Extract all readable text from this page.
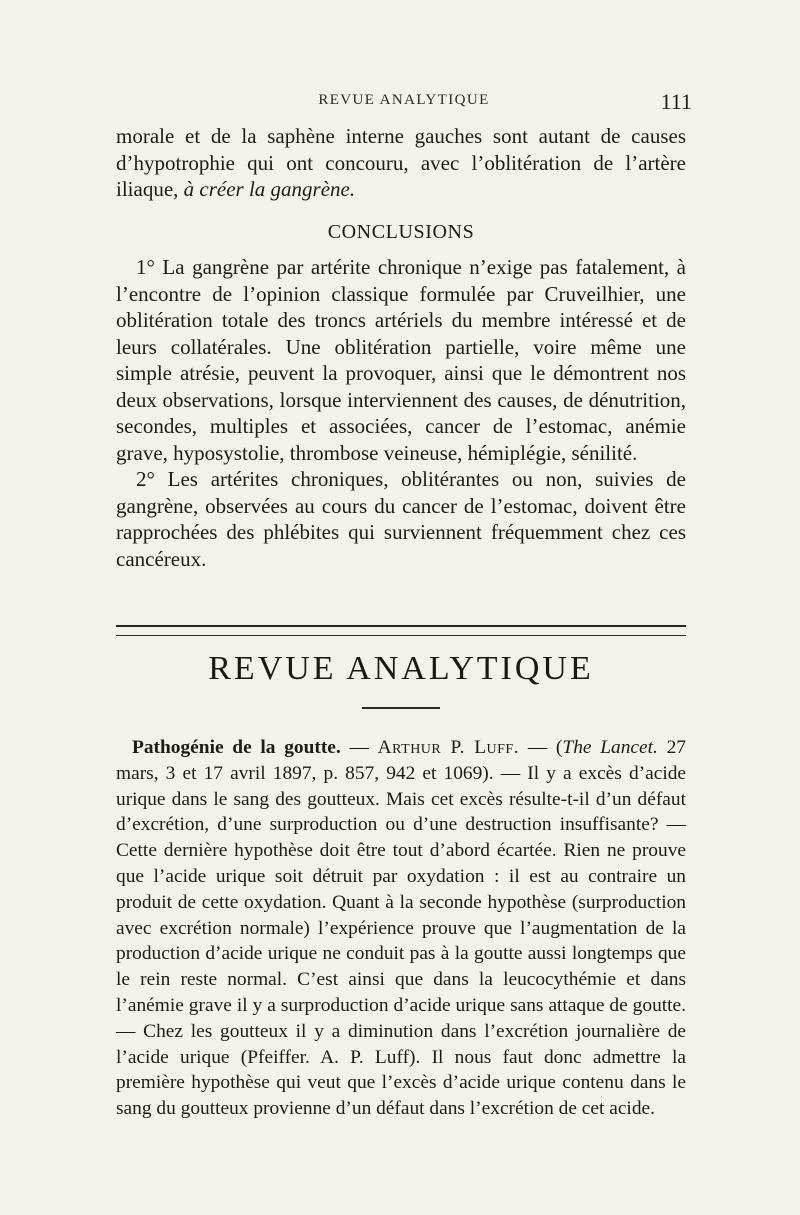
REVUE ANALYTIQUE	111

morale et de la saphène interne gauches sont autant de causes d’hypotrophie qui ont concouru, avec l’oblitération de l’artère iliaque, à créer la gangrène.

CONCLUSIONS

1° La gangrène par artérite chronique n’exige pas fatalement, à l’encontre de l’opinion classique formulée par Cruveilhier, une oblitération totale des troncs artériels du membre intéressé et de leurs collatérales. Une oblitération partielle, voire même une simple atrésie, peuvent la provoquer, ainsi que le démontrent nos deux observations, lorsque interviennent des causes, de dénutrition, secondes, multiples et associées, cancer de l’estomac, anémie grave, hyposystolie, thrombose veineuse, hémiplégie, sénilité.

2° Les artérites chroniques, oblitérantes ou non, suivies de gangrène, observées au cours du cancer de l’estomac, doivent être rapprochées des phlébites qui surviennent fréquemment chez ces cancéreux.

REVUE ANALYTIQUE

Pathogénie de la goutte. — Arthur P. Luff. — (The Lancet. 27 mars, 3 et 17 avril 1897, p. 857, 942 et 1069). — Il y a excès d’acide urique dans le sang des goutteux. Mais cet excès résulte-t-il d’un défaut d’excrétion, d’une surproduction ou d’une destruction insuffisante? — Cette dernière hypothèse doit être tout d’abord écartée. Rien ne prouve que l’acide urique soit détruit par oxydation : il est au contraire un produit de cette oxydation. Quant à la seconde hypothèse (surproduction avec excrétion normale) l’expérience prouve que l’augmentation de la production d’acide urique ne conduit pas à la goutte aussi longtemps que le rein reste normal. C’est ainsi que dans la leucocythémie et dans l’anémie grave il y a surproduction d’acide urique sans attaque de goutte. — Chez les goutteux il y a diminution dans l’excrétion journalière de l’acide urique (Pfeiffer. A. P. Luff). Il nous faut donc admettre la première hypothèse qui veut que l’excès d’acide urique contenu dans le sang du goutteux provienne d’un défaut dans l’excrétion de cet acide.
